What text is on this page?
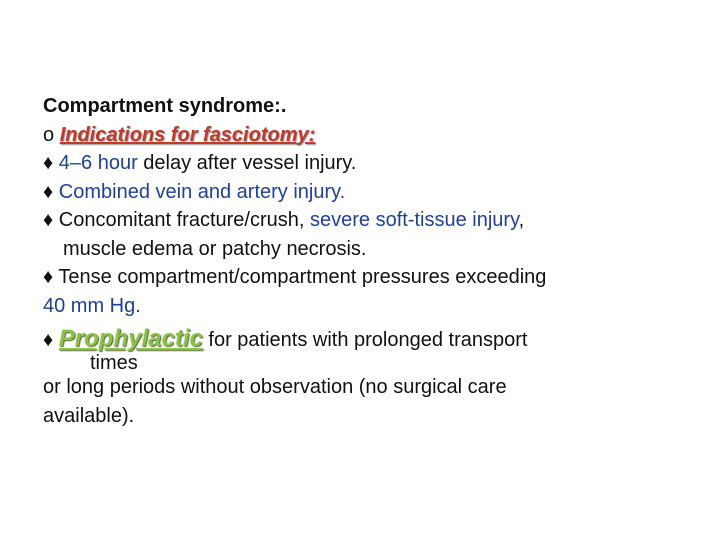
Compartment syndrome:.
o Indications for fasciotomy:
♦ 4–6 hour delay after vessel injury.
♦ Combined vein and artery injury.
♦ Concomitant fracture/crush, severe soft-tissue injury,
muscle edema or patchy necrosis.
♦ Tense compartment/compartment pressures exceeding
40 mm Hg.
♦ Prophylactic for patients with prolonged transport
times
or long periods without observation (no surgical care
available).
